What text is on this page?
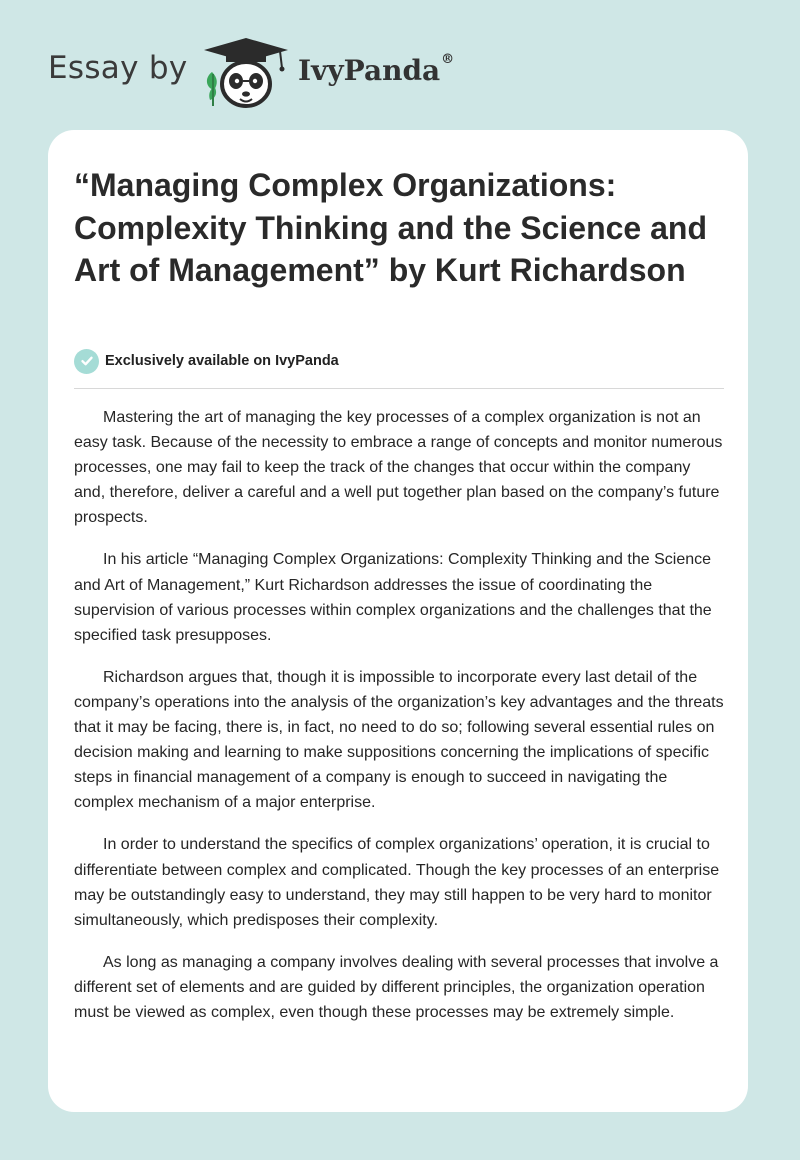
Essay by	IvyPanda®
“Managing Complex Organizations: Complexity Thinking and the Science and Art of Management” by Kurt Richardson
Exclusively available on IvyPanda

Mastering the art of managing the key processes of a complex organization is not an easy task. Because of the necessity to embrace a range of concepts and monitor numerous processes, one may fail to keep the track of the changes that occur within the company and, therefore, deliver a careful and a well put together plan based on the company’s future prospects.

In his article “Managing Complex Organizations: Complexity Thinking and the Science and Art of Management,” Kurt Richardson addresses the issue of coordinating the supervision of various processes within complex organizations and the challenges that the specified task presupposes.

Richardson argues that, though it is impossible to incorporate every last detail of the company’s operations into the analysis of the organization’s key advantages and the threats that it may be facing, there is, in fact, no need to do so; following several essential rules on decision making and learning to make suppositions concerning the implications of specific steps in financial management of a company is enough to succeed in navigating the complex mechanism of a major enterprise.

In order to understand the specifics of complex organizations’ operation, it is crucial to differentiate between complex and complicated. Though the key processes of an enterprise may be outstandingly easy to understand, they may still happen to be very hard to monitor simultaneously, which predisposes their complexity.

As long as managing a company involves dealing with several processes that involve a different set of elements and are guided by different principles, the organization operation must be viewed as complex, even though these processes may be extremely simple.
